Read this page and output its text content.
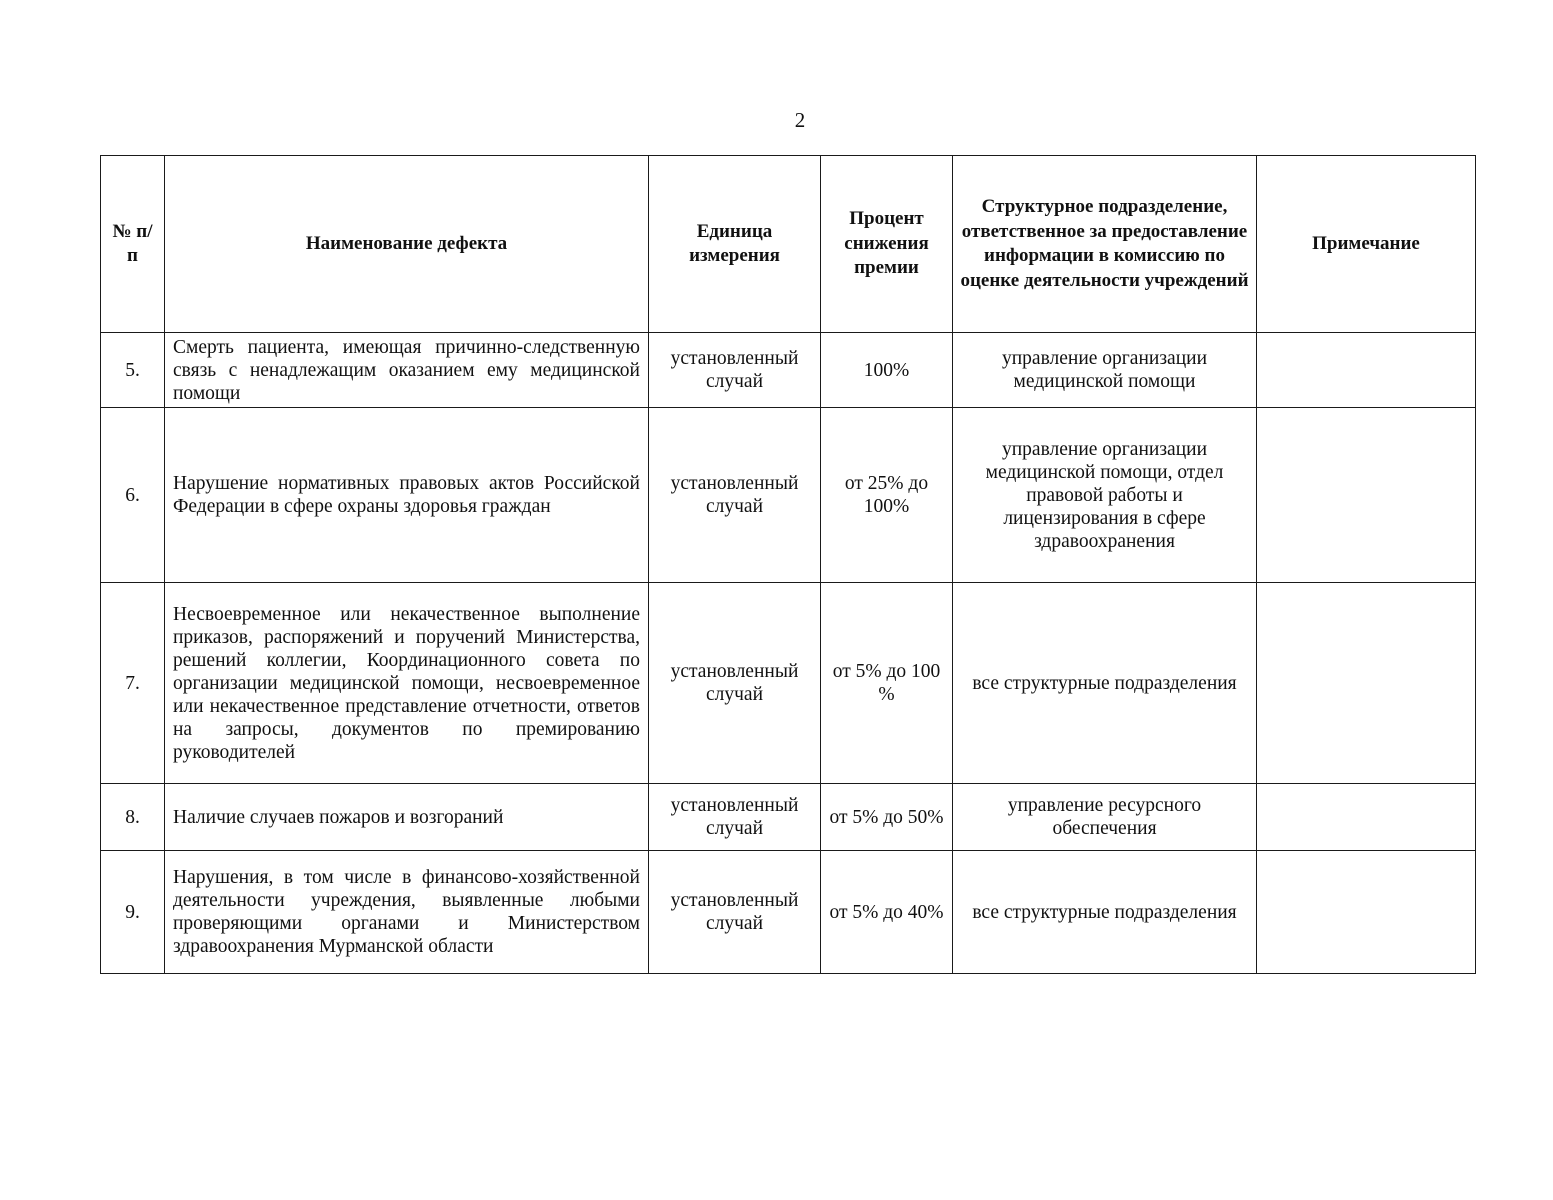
2
№ п/п	Наименование дефекта	Единица измерения	Процент снижения премии	Структурное подразделение, ответственное за предоставление информации в комиссию по оценке деятельности учреждений	Примечание
5.	Смерть пациента, имеющая причинно-следственную связь с ненадлежащим оказанием ему медицинской помощи	установленный случай	100%	управление организации медицинской помощи	
6.	Нарушение нормативных правовых актов Российской Федерации в сфере охраны здоровья граждан	установленный случай	от 25% до 100%	управление организации медицинской помощи, отдел правовой работы и лицензирования в сфере здравоохранения	
7.	Несвоевременное или некачественное выполнение приказов, распоряжений и поручений Министерства, решений коллегии, Координационного совета по организации медицинской помощи, несвоевременное или некачественное представление отчетности, ответов на запросы, документов по премированию руководителей	установленный случай	от 5% до 100 %	все структурные подразделения	
8.	Наличие случаев пожаров и возгораний	установленный случай	от 5% до 50%	управление ресурсного обеспечения	
9.	Нарушения, в том числе в финансово-хозяйственной деятельности учреждения, выявленные любыми проверяющими органами и Министерством здравоохранения Мурманской области	установленный случай	от 5% до 40%	все структурные подразделения	
